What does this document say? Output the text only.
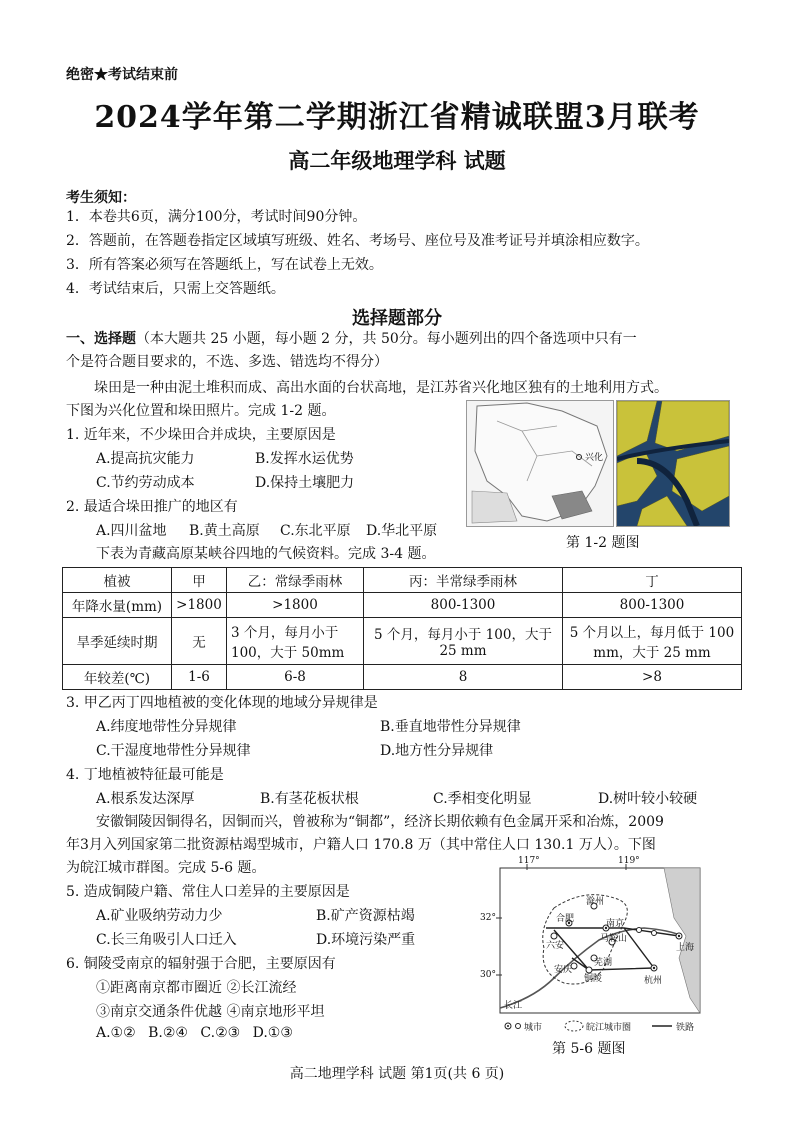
绝密★考试结束前
2024学年第二学期浙江省精诚联盟3月联考
高二年级地理学科 试题
考生须知：
1．本卷共6页，满分100分，考试时间90分钟。
2．答题前，在答题卷指定区域填写班级、姓名、考场号、座位号及准考证号并填涂相应数字。
3．所有答案必须写在答题纸上，写在试卷上无效。
4．考试结束后，只需上交答题纸。
选择题部分
一、选择题（本大题共 25 小题，每小题 2 分，共 50分。每小题列出的四个备选项中只有一
个是符合题目要求的，不选、多选、错选均不得分）
垛田是一种由泥土堆积而成、高出水面的台状高地，是江苏省兴化地区独有的土地利用方式。
下图为兴化位置和垛田照片。完成 1-2 题。
1. 近年来，不少垛田合并成块，主要原因是
A.提高抗灾能力	B.发挥水运优势
C.节约劳动成本	D.保持土壤肥力
2. 最适合垛田推广的地区有
A.四川盆地 B.黄土高原 C.东北平原 D.华北平原
兴化
第 1-2 题图
下表为青藏高原某峡谷四地的气候资料。完成 3-4 题。
植被	甲	乙：常绿季雨林	丙：半常绿季雨林	丁
年降水量(mm)	>1800	>1800	800-1300	800-1300
旱季延续时期	无	3 个月，每月小于 100，大于 50mm	5 个月，每月小于 100，大于 25 mm	5 个月以上，每月低于 100 mm，大于 25 mm
年较差(℃)	1-6	6-8	8	>8
3. 甲乙丙丁四地植被的变化体现的地域分异规律是
A.纬度地带性分异规律	B.垂直地带性分异规律
C.干湿度地带性分异规律	D.地方性分异规律
4. 丁地植被特征最可能是
A.根系发达深厚	B.有茎花板状根	C.季相变化明显	D.树叶较小较硬
安徽铜陵因铜得名，因铜而兴，曾被称为“铜都”，经济长期依赖有色金属开采和冶炼，2009
年3月入列国家第二批资源枯竭型城市，户籍人口 170.8 万（其中常住人口 130.1 万人）。下图
为皖江城市群图。完成 5-6 题。
5. 造成铜陵户籍、常住人口差异的主要原因是
A.矿业吸纳劳动力少	B.矿产资源枯竭
C.长三角吸引人口迁入	D.环境污染严重
6. 铜陵受南京的辐射强于合肥，主要原因有
①距离南京都市圈近 ②长江流经
③南京交通条件优越 ④南京地形平坦
A.①② B.②④ C.②③ D.①③
117°	119°
32°
30°
滁州
合肥	南京
马鞍山
六安
芜湖
安庆
铜陵
上海
杭州
长江
城市	皖江城市圈	铁路
第 5-6 题图
高二地理学科 试题 第1页(共 6 页)
